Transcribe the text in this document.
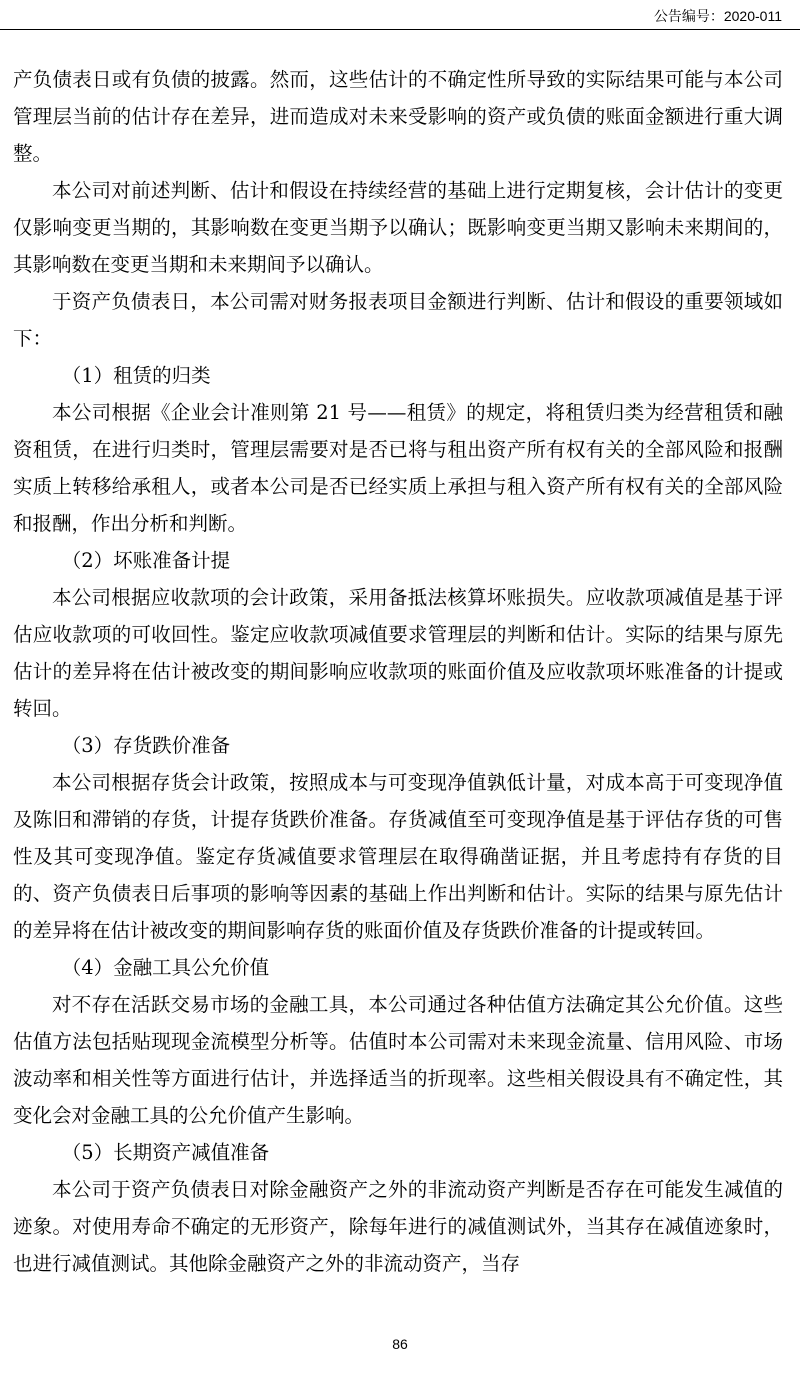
公告编号：2020-011

产负债表日或有负债的披露。然而，这些估计的不确定性所导致的实际结果可能与本公司管理层当前的估计存在差异，进而造成对未来受影响的资产或负债的账面金额进行重大调整。

本公司对前述判断、估计和假设在持续经营的基础上进行定期复核，会计估计的变更仅影响变更当期的，其影响数在变更当期予以确认；既影响变更当期又影响未来期间的，其影响数在变更当期和未来期间予以确认。

于资产负债表日，本公司需对财务报表项目金额进行判断、估计和假设的重要领域如下：

（1）租赁的归类

本公司根据《企业会计准则第 21 号——租赁》的规定，将租赁归类为经营租赁和融资租赁，在进行归类时，管理层需要对是否已将与租出资产所有权有关的全部风险和报酬实质上转移给承租人，或者本公司是否已经实质上承担与租入资产所有权有关的全部风险和报酬，作出分析和判断。

（2）坏账准备计提

本公司根据应收款项的会计政策，采用备抵法核算坏账损失。应收款项减值是基于评估应收款项的可收回性。鉴定应收款项减值要求管理层的判断和估计。实际的结果与原先估计的差异将在估计被改变的期间影响应收款项的账面价值及应收款项坏账准备的计提或转回。

（3）存货跌价准备

本公司根据存货会计政策，按照成本与可变现净值孰低计量，对成本高于可变现净值及陈旧和滞销的存货，计提存货跌价准备。存货减值至可变现净值是基于评估存货的可售性及其可变现净值。鉴定存货减值要求管理层在取得确凿证据，并且考虑持有存货的目的、资产负债表日后事项的影响等因素的基础上作出判断和估计。实际的结果与原先估计的差异将在估计被改变的期间影响存货的账面价值及存货跌价准备的计提或转回。

（4）金融工具公允价值

对不存在活跃交易市场的金融工具，本公司通过各种估值方法确定其公允价值。这些估值方法包括贴现现金流模型分析等。估值时本公司需对未来现金流量、信用风险、市场波动率和相关性等方面进行估计，并选择适当的折现率。这些相关假设具有不确定性，其变化会对金融工具的公允价值产生影响。

（5）长期资产减值准备

本公司于资产负债表日对除金融资产之外的非流动资产判断是否存在可能发生减值的迹象。对使用寿命不确定的无形资产，除每年进行的减值测试外，当其存在减值迹象时，也进行减值测试。其他除金融资产之外的非流动资产，当存

86
